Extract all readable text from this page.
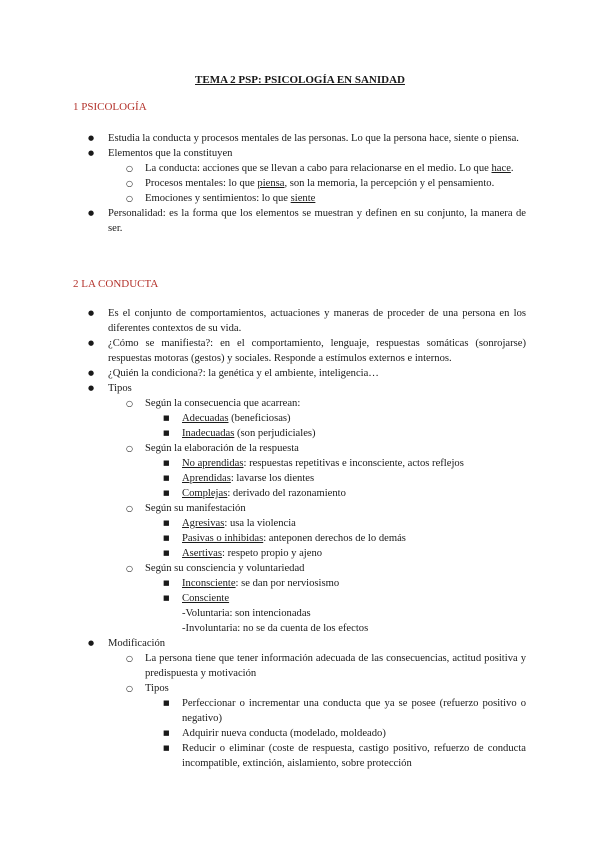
TEMA 2 PSP: PSICOLOGÍA EN SANIDAD
1 PSICOLOGÍA
● Estudia la conducta y procesos mentales de las personas. Lo que la persona hace, siente o piensa.
● Elementos que la constituyen
○ La conducta: acciones que se llevan a cabo para relacionarse en el medio. Lo que hace.
○ Procesos mentales: lo que piensa, son la memoria, la percepción y el pensamiento.
○ Emociones y sentimientos: lo que siente
● Personalidad: es la forma que los elementos se muestran y definen en su conjunto, la manera de ser.
2 LA CONDUCTA
● Es el conjunto de comportamientos, actuaciones y maneras de proceder de una persona en los diferentes contextos de su vida.
● ¿Cómo se manifiesta?: en el comportamiento, lenguaje, respuestas somáticas (sonrojarse) respuestas motoras (gestos) y sociales. Responde a estímulos externos e internos.
● ¿Quién la condiciona?: la genética y el ambiente, inteligencia…
● Tipos
○ Según la consecuencia que acarrean:
■ Adecuadas (beneficiosas)
■ Inadecuadas (son perjudiciales)
○ Según la elaboración de la respuesta
■ No aprendidas: respuestas repetitivas e inconsciente, actos reflejos
■ Aprendidas: lavarse los dientes
■ Complejas: derivado del razonamiento
○ Según su manifestación
■ Agresivas: usa la violencia
■ Pasivas o inhibidas: anteponen derechos de lo demás
■ Asertivas: respeto propio y ajeno
○ Según su consciencia y voluntariedad
■ Inconsciente: se dan por nerviosismo
■ Consciente
-Voluntaria: son intencionadas
-Involuntaria: no se da cuenta de los efectos
● Modificación
○ La persona tiene que tener información adecuada de las consecuencias, actitud positiva y predispuesta y motivación
○ Tipos
■ Perfeccionar o incrementar una conducta que ya se posee (refuerzo positivo o negativo)
■ Adquirir nueva conducta (modelado, moldeado)
■ Reducir o eliminar (coste de respuesta, castigo positivo, refuerzo de conducta incompatible, extinción, aislamiento, sobre protección
